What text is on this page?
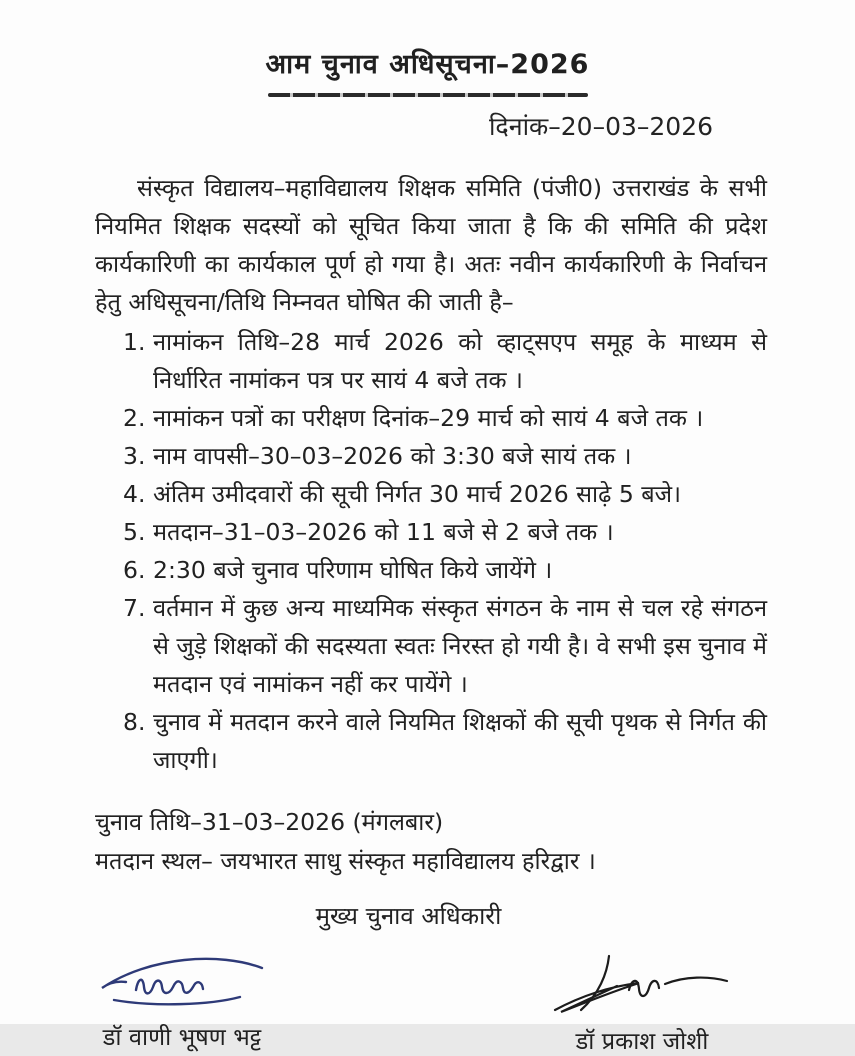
आम चुनाव अधिसूचना–2026
दिनांक–20–03–2026

संस्कृत विद्यालय–महाविद्यालय शिक्षक समिति (पंजी0) उत्तराखंड के सभी नियमित शिक्षक सदस्यों को सूचित किया जाता है कि की समिति की प्रदेश कार्यकारिणी का कार्यकाल पूर्ण हो गया है। अतः नवीन कार्यकारिणी के निर्वाचन हेतु अधिसूचना/तिथि निम्नवत घोषित की जाती है–

1. नामांकन तिथि–28 मार्च 2026 को व्हाट्सएप समूह के माध्यम से निर्धारित नामांकन पत्र पर सायं 4 बजे तक ।
2. नामांकन पत्रों का परीक्षण दिनांक–29 मार्च को सायं 4 बजे तक ।
3. नाम वापसी–30–03–2026 को 3:30 बजे सायं तक ।
4. अंतिम उमीदवारों की सूची निर्गत 30 मार्च 2026 साढ़े 5 बजे।
5. मतदान–31–03–2026 को 11 बजे से 2 बजे तक ।
6. 2:30 बजे चुनाव परिणाम घोषित किये जायेंगे ।
7. वर्तमान में कुछ अन्य माध्यमिक संस्कृत संगठन के नाम से चल रहे संगठन से जुड़े शिक्षकों की सदस्यता स्वतः निरस्त हो गयी है। वे सभी इस चुनाव में मतदान एवं नामांकन नहीं कर पायेंगे ।
8. चुनाव में मतदान करने वाले नियमित शिक्षकों की सूची पृथक से निर्गत की जाएगी।
चुनाव तिथि–31–03–2026 (मंगलबार)
मतदान स्थल– जयभारत साधु संस्कृत महाविद्यालय हरिद्वार ।
मुख्य चुनाव अधिकारी
डॉ वाणी भूषण भट्ट	डॉ प्रकाश जोशी
